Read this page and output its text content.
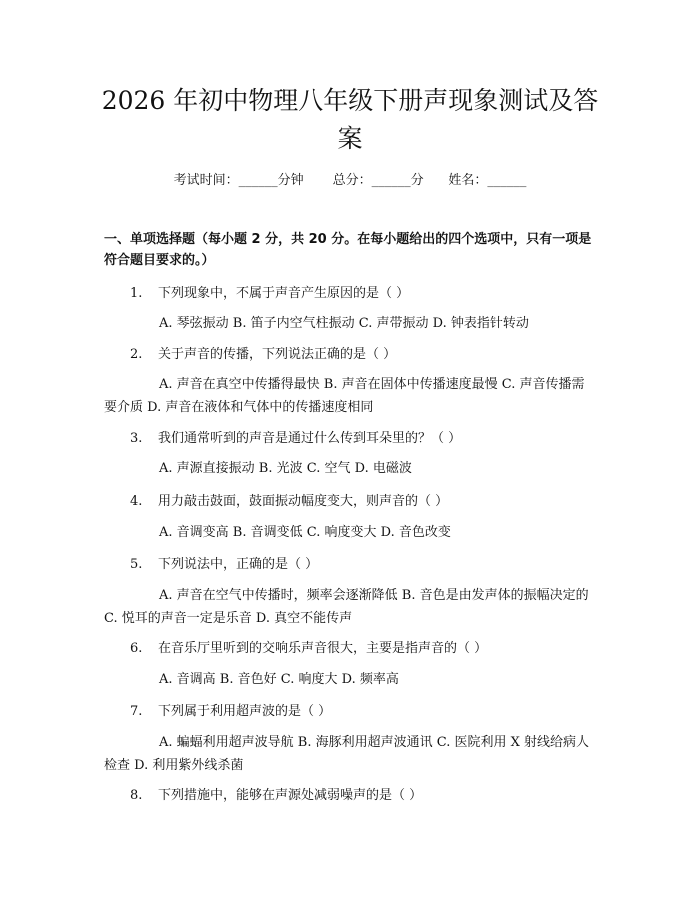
2026 年初中物理八年级下册声现象测试及答案
考试时间：______分钟 总分：______分 姓名：______
一、单项选择题（每小题 2 分，共 20 分。在每小题给出的四个选项中，只有一项是符合题目要求的。）
1. 下列现象中，不属于声音产生原因的是（ ）
A. 琴弦振动 B. 笛子内空气柱振动 C. 声带振动 D. 钟表指针转动
2. 关于声音的传播，下列说法正确的是（ ）
A. 声音在真空中传播得最快 B. 声音在固体中传播速度最慢 C. 声音传播需要介质 D. 声音在液体和气体中的传播速度相同
3. 我们通常听到的声音是通过什么传到耳朵里的？（ ）
A. 声源直接振动 B. 光波 C. 空气 D. 电磁波
4. 用力敲击鼓面，鼓面振动幅度变大，则声音的（ ）
A. 音调变高 B. 音调变低 C. 响度变大 D. 音色改变
5. 下列说法中，正确的是（ ）
A. 声音在空气中传播时，频率会逐渐降低 B. 音色是由发声体的振幅决定的 C. 悦耳的声音一定是乐音 D. 真空不能传声
6. 在音乐厅里听到的交响乐声音很大，主要是指声音的（ ）
A. 音调高 B. 音色好 C. 响度大 D. 频率高
7. 下列属于利用超声波的是（ ）
A. 蝙蝠利用超声波导航 B. 海豚利用超声波通讯 C. 医院利用 X 射线给病人检查 D. 利用紫外线杀菌
8. 下列措施中，能够在声源处减弱噪声的是（ ）
